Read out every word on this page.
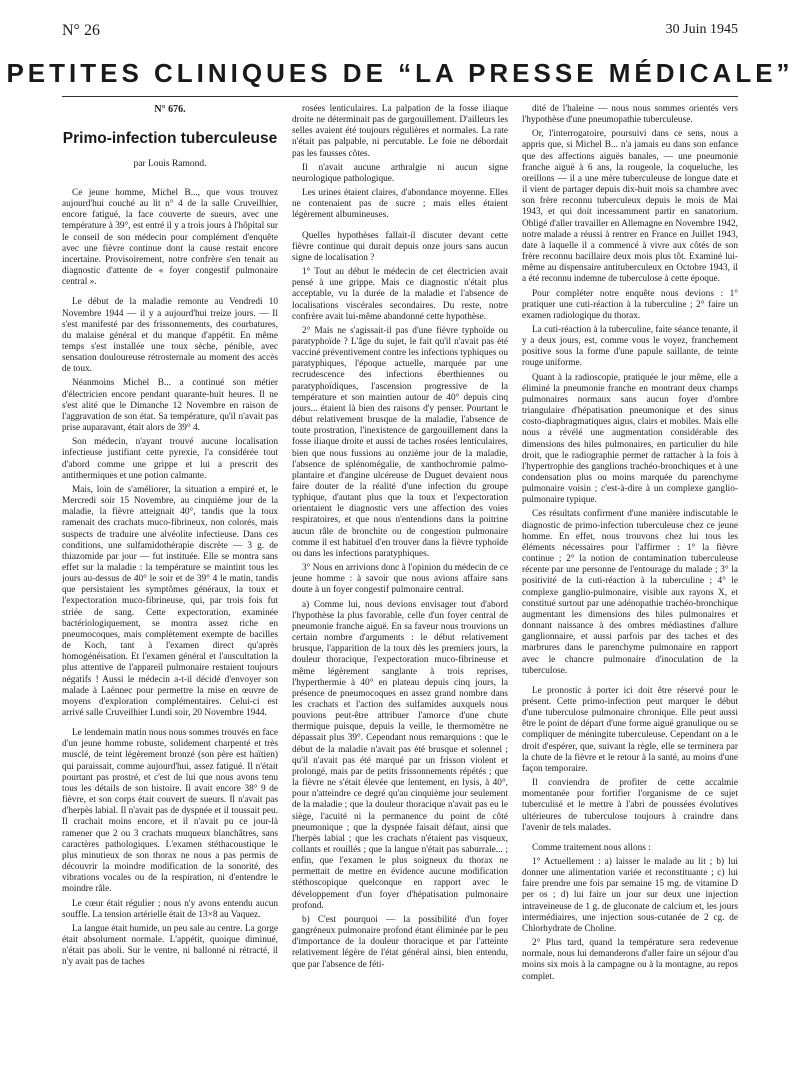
N° 26	30 Juin 1945
PETITES CLINIQUES DE “LA PRESSE MÉDICALE”
N° 676.
Primo-infection tuberculeuse
par Louis Ramond.

Ce jeune homme, Michel B..., que vous trouvez aujourd'hui couché au lit n° 4 de la salle Cruveilhier, encore fatigué, la face couverte de sueurs, avec une température à 39°, est entré il y a trois jours à l'hôpital sur le conseil de son médecin pour complément d'enquête avec une fièvre continue dont la cause restait encore incertaine. Provisoirement, notre confrère s'en tenait au diagnostic d'attente de « foyer congestif pulmonaire central ».

Le début de la maladie remonte au Vendredi 10 Novembre 1944 — il y a aujourd'hui treize jours. — Il s'est manifesté par des frissonnements, des courbatures, du malaise général et du manque d'appétit. En même temps s'est installée une toux sèche, pénible, avec sensation douloureuse rétrosternale au moment des accès de toux.

Néanmoins Michel B... a continué son métier d'électricien encore pendant quarante-huit heures. Il ne s'est alité que le Dimanche 12 Novembre en raison de l'aggravation de son état. Sa température, qu'il n'avait pas prise auparavant, était alors de 39° 4.

Son médecin, n'ayant trouvé aucune localisation infectieuse justifiant cette pyrexie, l'a considérée tout d'abord comme une grippe et lui a prescrit des antithermiques et une potion calmante.

Mais, loin de s'améliorer, la situation a empiré et, le Mercredi soir 15 Novembre, au cinquième jour de la maladie, la fièvre atteignait 40°, tandis que la toux ramenait des crachats muco-fibrineux, non colorés, mais suspects de traduire une alvéolite infectieuse. Dans ces conditions, une sulfamidothérapie discrète — 3 g. de thiazomide par jour — fut instituée. Elle se montra sans effet sur la maladie : la température se maintint tous les jours au-dessus de 40° le soir et de 39° 4 le matin, tandis que persistaient les symptômes généraux, la toux et l'expectoration muco-fibrineuse, qui, par trois fois fut striée de sang. Cette expectoration, examinée bactériologiquement, se montra assez riche en pneumocoques, mais complètement exempte de bacilles de Koch, tant à l'examen direct qu'après homogénéisation. Et l'examen général et l'auscultation la plus attentive de l'appareil pulmonaire restaient toujours négatifs ! Aussi le médecin a-t-il décidé d'envoyer son malade à Laënnec pour permettre la mise en œuvre de moyens d'exploration complémentaires. Celui-ci est arrivé salle Cruveilhier Lundi soir, 20 Novembre 1944.

Le lendemain matin nous nous sommes trouvés en face d'un jeune homme robuste, solidement charpenté et très musclé, de teint légèrement bronzé (son père est haïtien) qui paraissait, comme aujourd'hui, assez fatigué. Il n'était pourtant pas prostré, et c'est de lui que nous avons tenu tous les détails de son histoire. Il avait encore 38° 9 de fièvre, et son corps était couvert de sueurs. Il n'avait pas d'herpès labial. Il n'avait pas de dyspnée et il toussait peu. Il crachait moins encore, et il n'avait pu ce jour-là ramener que 2 ou 3 crachats muqueux blanchâtres, sans caractères pathologiques. L'examen stéthacoustique le plus minutieux de son thorax ne nous a pas permis de découvrir la moindre modification de la sonorité, des vibrations vocales ou de la respiration, ni d'entendre le moindre râle.

Le cœur était régulier ; nous n'y avons entendu aucun souffle. La tension artérielle était de 13×8 au Vaquez.

La langue était humide, un peu sale au centre. La gorge était absolument normale. L'appétit, quoique diminué, n'était pas aboli. Sur le ventre, ni ballonné ni rétracté, il n'y avait pas de taches

rosées lenticulaires. La palpation de la fosse iliaque droite ne déterminait pas de gargouillement. D'ailleurs les selles avaient été toujours régulières et normales. La rate n'était pas palpable, ni percutable. Le foie ne débordait pas les fausses côtes.

Il n'avait aucune arthralgie ni aucun signe neurologique pathologique.

Les urines étaient claires, d'abondance moyenne. Elles ne contenaient pas de sucre ; mais elles étaient légèrement albumineuses.

Quelles hypothèses fallait-il discuter devant cette fièvre continue qui durait depuis onze jours sans aucun signe de localisation ?

1° Tout au début le médecin de cet électricien avait pensé à une grippe. Mais ce diagnostic n'était plus acceptable, vu la durée de la maladie et l'absence de localisations viscérales secondaires. Du reste, notre confrère avait lui-même abandonné cette hypothèse.

2° Mais ne s'agissait-il pas d'une fièvre typhoïde ou paratyphoïde ? L'âge du sujet, le fait qu'il n'avait pas été vacciné préventivement contre les infections typhiques ou paratyphiques, l'époque actuelle, marquée par une recrudescence des infections éberthiennes ou paratyphoïdiques, l'ascension progressive de la température et son maintien autour de 40° depuis cinq jours... étaient là bien des raisons d'y penser. Pourtant le début relativement brusque de la maladie, l'absence de toute prostration, l'inexistence de gargouillement dans la fosse iliaque droite et aussi de taches rosées lenticulaires, bien que nous fussions au onzième jour de la maladie, l'absence de splénomégalie, de xanthochromie palmo-plantaire et d'angine ulcéreuse de Duguet devaient nous faire douter de la réalité d'une infection du groupe typhique, d'autant plus que la toux et l'expectoration orientaient le diagnostic vers une affection des voies respiratoires, et que nous n'entendions dans la poitrine aucun râle de bronchite ou de congestion pulmonaire comme il est habituel d'en trouver dans la fièvre typhoïde ou dans les infections paratyphiques.

3° Nous en arrivions donc à l'opinion du médecin de ce jeune homme : à savoir que nous avions affaire sans doute à un foyer congestif pulmonaire central.

a) Comme lui, nous devions envisager tout d'abord l'hypothèse la plus favorable, celle d'un foyer central de pneumonie franche aiguë. En sa faveur nous trouvions un certain nombre d'arguments : le début relativement brusque, l'apparition de la toux dès les premiers jours, la douleur thoracique, l'expectoration muco-fibrineuse et même légèrement sanglante à trois reprises, l'hyperthermie à 40° en plateau depuis cinq jours, la présence de pneumocoques en assez grand nombre dans les crachats et l'action des sulfamides auxquels nous pouvions peut-être attribuer l'amorce d'une chute thermique puisque, depuis la veille, le thermomètre ne dépassait plus 39°. Cependant nous remarquions : que le début de la maladie n'avait pas été brusque et solennel ; qu'il n'avait pas été marqué par un frisson violent et prolongé, mais par de petits frissonnements répétés ; que la fièvre ne s'était élevée que lentement, en lysis, à 40°, pour n'atteindre ce degré qu'au cinquième jour seulement de la maladie ; que la douleur thoracique n'avait pas eu le siège, l'acuité ni la permanence du point de côté pneumonique ; que la dyspnée faisait défaut, ainsi que l'herpès labial ; que les crachats n'étaient pas visqueux, collants et rouillés ; que la langue n'était pas saburrale... ; enfin, que l'examen le plus soigneux du thorax ne permettait de mettre en évidence aucune modification stéthoscopique quelconque en rapport avec le développement d'un foyer d'hépatisation pulmonaire profond.

b) C'est pourquoi — la possibilité d'un foyer gangréneux pulmonaire profond étant éliminée par le peu d'importance de la douleur thoracique et par l'atteinte relativement légère de l'état général ainsi, bien entendu, que par l'absence de féti-

dité de l'haleine — nous nous sommes orientés vers l'hypothèse d'une pneumopathie tuberculeuse.

Or, l'interrogatoire, poursuivi dans ce sens, nous a appris que, si Michel B... n'a jamais eu dans son enfance que des affections aiguës banales, — une pneumonie franche aiguë à 6 ans, la rougeole, la coqueluche, les oreillons — il a une mère tuberculeuse de longue date et il vient de partager depuis dix-huit mois sa chambre avec son frère reconnu tuberculeux depuis le mois de Mai 1943, et qui doit incessamment partir en sanatorium. Obligé d'aller travailler en Allemagne en Novembre 1942, notre malade a réussi à rentrer en France en Juillet 1943, date à laquelle il a commencé à vivre aux côtés de son frère reconnu bacillaire deux mois plus tôt. Examiné lui-même au dispensaire antituberculeux en Octobre 1943, il a été reconnu indemne de tuberculose à cette époque.

Pour compléter notre enquête nous devions : 1° pratiquer une cuti-réaction à la tuberculine ; 2° faire un examen radiologique du thorax.

La cuti-réaction à la tuberculine, faite séance tenante, il y a deux jours, est, comme vous le voyez, franchement positive sous la forme d'une papule saillante, de teinte rouge uniforme.

Quant à la radioscopie, pratiquée le jour même, elle a éliminé la pneumonie franche en montrant deux champs pulmonaires normaux sans aucun foyer d'ombre triangulaire d'hépatisation pneumonique et des sinus costo-diaphragmatiques aigus, clairs et mobiles. Mais elle nous a révélé une augmentation considérable des dimensions des hiles pulmonaires, en particulier du hile droit, que le radiographie permet de rattacher à la fois à l'hypertrophie des ganglions trachéo-bronchiques et à une condensation plus ou moins marquée du parenchyme pulmonaire voisin ; c'est-à-dire à un complexe ganglio-pulmonaire typique.

Ces résultats confirment d'une manière indiscutable le diagnostic de primo-infection tuberculeuse chez ce jeune homme. En effet, nous trouvons chez lui tous les éléments nécessaires pour l'affirmer : 1° la fièvre continue ; 2° la notion de contamination tuberculeuse récente par une personne de l'entourage du malade ; 3° la positivité de la cuti-réaction à la tuberculine ; 4° le complexe ganglio-pulmonaire, visible aux rayons X, et constitué surtout par une adénopathie trachéo-bronchique augmentant les dimensions des hiles pulmonaires et donnant naissance à des ombres médiastines d'allure ganglionnaire, et aussi parfois par des taches et des marbrures dans le parenchyme pulmonaire en rapport avec le chancre pulmonaire d'inoculation de la tuberculose.

Le pronostic à porter ici doit être réservé pour le présent. Cette primo-infection peut marquer le début d'une tuberculose pulmonaire chronique. Elle peut aussi être le point de départ d'une forme aiguë granulique ou se compliquer de méningite tuberculeuse. Cependant on a le droit d'espérer, que, suivant la règle, elle se terminera par la chute de la fièvre et le retour à la santé, au moins d'une façon temporaire.

Il conviendra de profiter de cette accalmie momentanée pour fortifier l'organisme de ce sujet tuberculisé et le mettre à l'abri de poussées évolutives ultérieures de tuberculose toujours à craindre dans l'avenir de tels malades.

Comme traitement nous allons :

1° Actuellement : a) laisser le malade au lit ; b) lui donner une alimentation variée et reconstituante ; c) lui faire prendre une fois par semaine 15 mg. de vitamine D per os ; d) lui faire un jour sur deux une injection intraveineuse de 1 g. de gluconate de calcium et, les jours intermédiaires, une injection sous-cutanée de 2 cg. de Chlorhydrate de Choline.

2° Plus tard, quand la température sera redevenue normale, nous lui demanderons d'aller faire un séjour d'au moins six mois à la campagne ou à la montagne, au repos complet.
